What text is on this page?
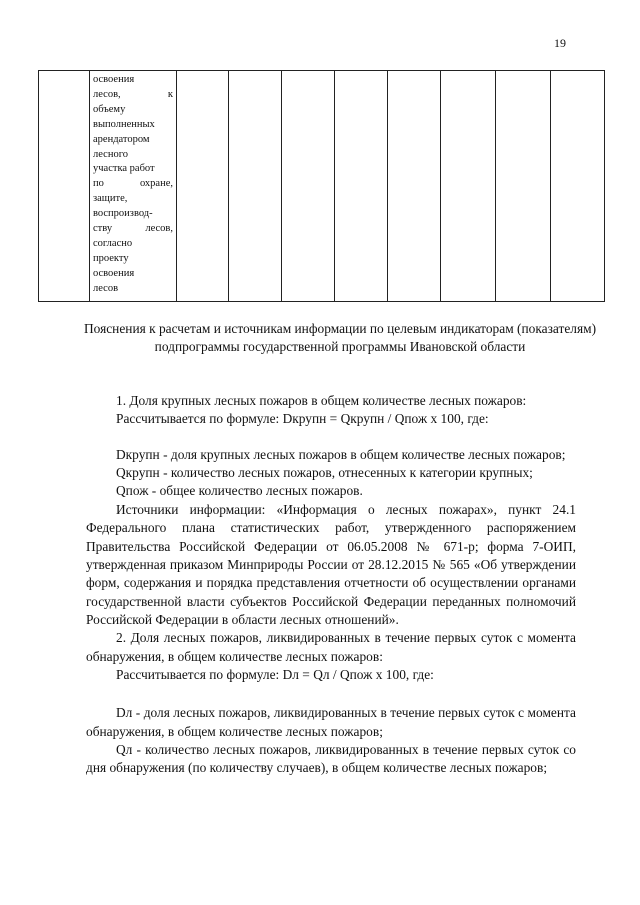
19

освоения
лесов,	к
объему
выполненных
арендатором
лесного
участка работ
по	охране,
защите,
воспроизвод-
ству	лесов,
согласно
проекту
освоения
лесов

Пояснения к расчетам и источникам информации по целевым индикаторам (показателям) подпрограммы государственной программы Ивановской области

1. Доля крупных лесных пожаров в общем количестве лесных пожаров:

Рассчитывается по формуле: Dкрупн = Qкрупн / Qпож х 100, где:

Dкрупн - доля крупных лесных пожаров в общем количестве лесных пожаров;

Qкрупн - количество лесных пожаров, отнесенных к категории крупных;

Qпож - общее количество лесных пожаров.

Источники информации: «Информация о лесных пожарах», пункт 24.1 Федерального плана статистических работ, утвержденного распоряжением Правительства Российской Федерации от 06.05.2008 № 671-р; форма 7-ОИП, утвержденная приказом Минприроды России от 28.12.2015 № 565 «Об утверждении форм, содержания и порядка представления отчетности об осуществлении органами государственной власти субъектов Российской Федерации переданных полномочий Российской Федерации в области лесных отношений».

2. Доля лесных пожаров, ликвидированных в течение первых суток с момента обнаружения, в общем количестве лесных пожаров:

Рассчитывается по формуле: Dл = Qл / Qпож х 100, где:

Dл - доля лесных пожаров, ликвидированных в течение первых суток с момента обнаружения, в общем количестве лесных пожаров;

Qл - количество лесных пожаров, ликвидированных в течение первых суток со дня обнаружения (по количеству случаев), в общем количестве лесных пожаров;
